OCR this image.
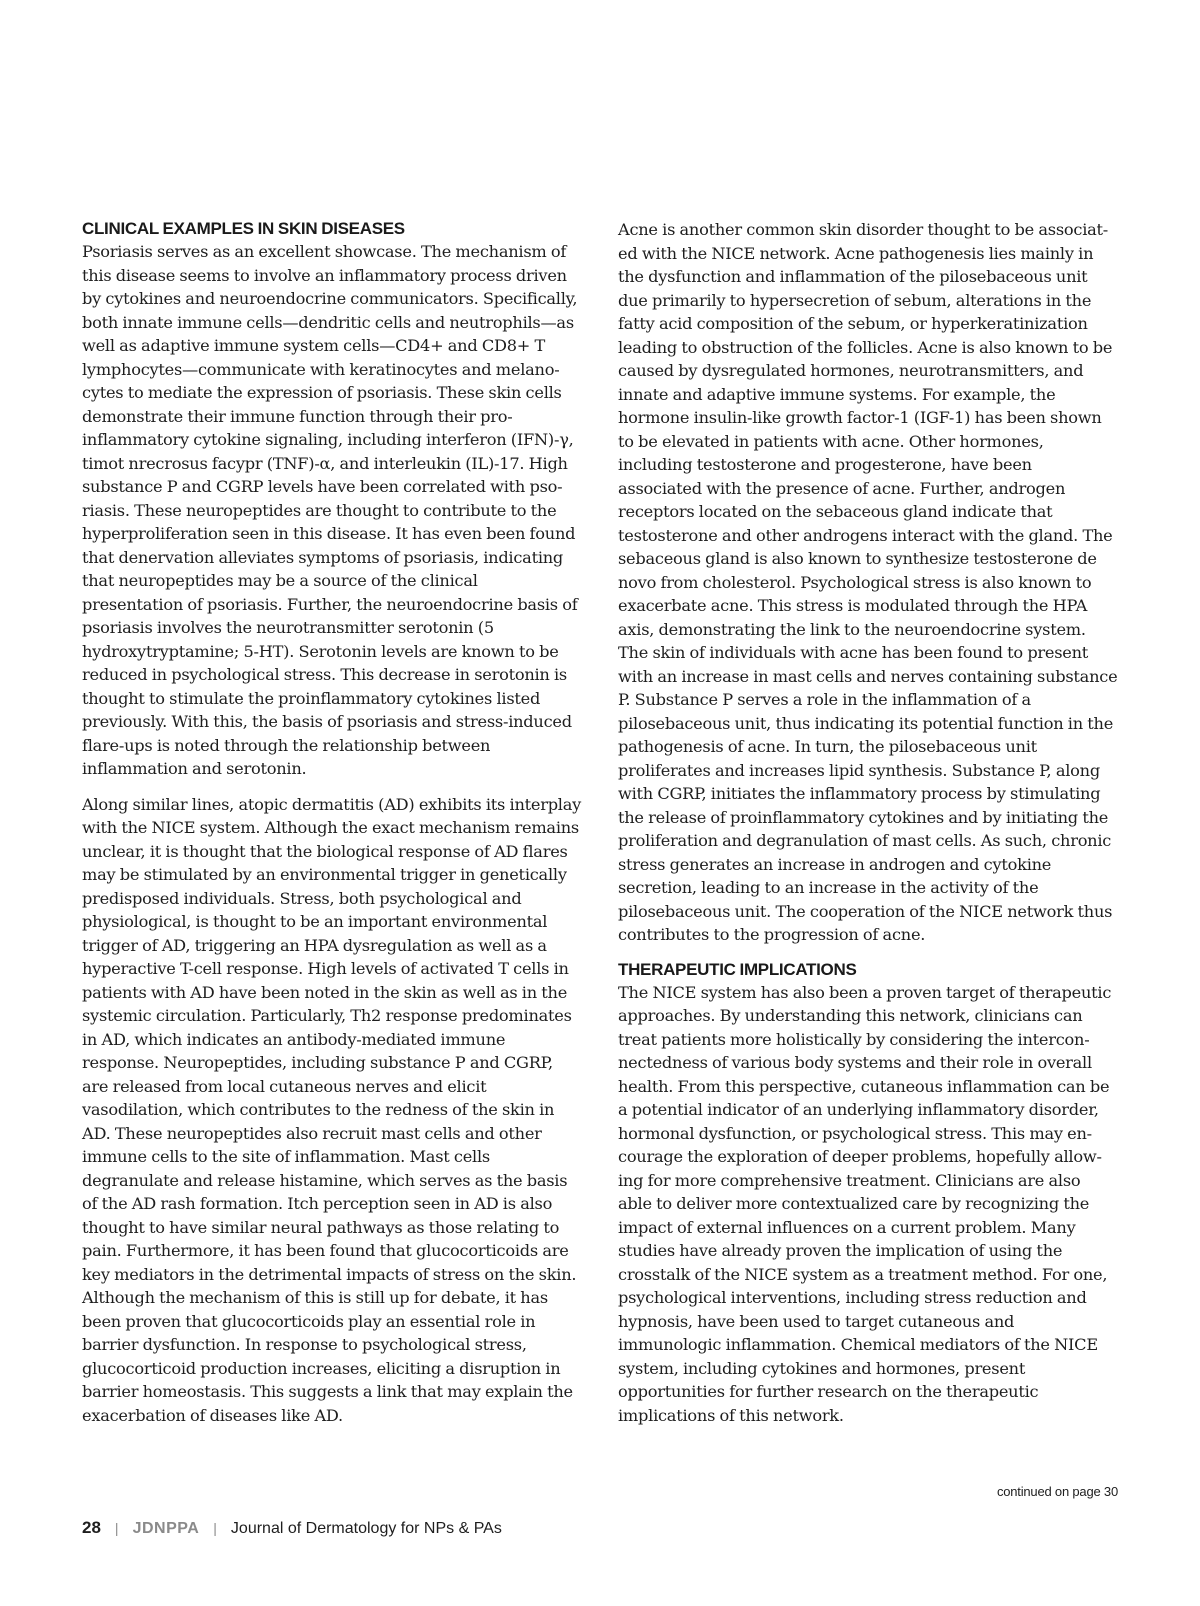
CLINICAL EXAMPLES IN SKIN DISEASES

Psoriasis serves as an excellent showcase. The mechanism of this disease seems to involve an inflammatory process driven by cytokines and neuroendocrine communicators. Specifically, both innate immune cells—dendritic cells and neutrophils—as well as adaptive immune system cells—CD4+ and CD8+ T lymphocytes—communicate with keratinocytes and melanocytes to mediate the expression of psoriasis. These skin cells demonstrate their immune function through their pro-inflammatory cytokine signaling, including interferon (IFN)-γ, timot nrecrosus facypr (TNF)-α, and interleukin (IL)-17. High substance P and CGRP levels have been correlated with psoriasis. These neuropeptides are thought to contribute to the hyperproliferation seen in this disease. It has even been found that denervation alleviates symptoms of psoriasis, indicating that neuropeptides may be a source of the clinical presentation of psoriasis. Further, the neuroendocrine basis of psoriasis involves the neurotransmitter serotonin (5 hydroxytryptamine; 5-HT). Serotonin levels are known to be reduced in psychological stress. This decrease in serotonin is thought to stimulate the proinflammatory cytokines listed previously. With this, the basis of psoriasis and stress-induced flare-ups is noted through the relationship between inflammation and serotonin.

Along similar lines, atopic dermatitis (AD) exhibits its interplay with the NICE system. Although the exact mechanism remains unclear, it is thought that the biological response of AD flares may be stimulated by an environmental trigger in genetically predisposed individuals. Stress, both psychological and physiological, is thought to be an important environmental trigger of AD, triggering an HPA dysregulation as well as a hyperactive T-cell response. High levels of activated T cells in patients with AD have been noted in the skin as well as in the systemic circulation. Particularly, Th2 response predominates in AD, which indicates an antibody-mediated immune response. Neuropeptides, including substance P and CGRP, are released from local cutaneous nerves and elicit vasodilation, which contributes to the redness of the skin in AD. These neuropeptides also recruit mast cells and other immune cells to the site of inflammation. Mast cells degranulate and release histamine, which serves as the basis of the AD rash formation. Itch perception seen in AD is also thought to have similar neural pathways as those relating to pain. Furthermore, it has been found that glucocorticoids are key mediators in the detrimental impacts of stress on the skin. Although the mechanism of this is still up for debate, it has been proven that glucocorticoids play an essential role in barrier dysfunction. In response to psychological stress, glucocorticoid production increases, eliciting a disruption in barrier homeostasis. This suggests a link that may explain the exacerbation of diseases like AD.

Acne is another common skin disorder thought to be associated with the NICE network. Acne pathogenesis lies mainly in the dysfunction and inflammation of the pilosebaceous unit due primarily to hypersecretion of sebum, alterations in the fatty acid composition of the sebum, or hyperkeratinization leading to obstruction of the follicles. Acne is also known to be caused by dysregulated hormones, neurotransmitters, and innate and adaptive immune systems. For example, the hormone insulin-like growth factor-1 (IGF-1) has been shown to be elevated in patients with acne. Other hormones, including testosterone and progesterone, have been associated with the presence of acne. Further, androgen receptors located on the sebaceous gland indicate that testosterone and other androgens interact with the gland. The sebaceous gland is also known to synthesize testosterone de novo from cholesterol. Psychological stress is also known to exacerbate acne. This stress is modulated through the HPA axis, demonstrating the link to the neuroendocrine system. The skin of individuals with acne has been found to present with an increase in mast cells and nerves containing substance P. Substance P serves a role in the inflammation of a pilosebaceous unit, thus indicating its potential function in the pathogenesis of acne. In turn, the pilosebaceous unit proliferates and increases lipid synthesis. Substance P, along with CGRP, initiates the inflammatory process by stimulating the release of proinflammatory cytokines and by initiating the proliferation and degranulation of mast cells. As such, chronic stress generates an increase in androgen and cytokine secretion, leading to an increase in the activity of the pilosebaceous unit. The cooperation of the NICE network thus contributes to the progression of acne.

THERAPEUTIC IMPLICATIONS

The NICE system has also been a proven target of therapeutic approaches. By understanding this network, clinicians can treat patients more holistically by considering the interconnectedness of various body systems and their role in overall health. From this perspective, cutaneous inflammation can be a potential indicator of an underlying inflammatory disorder, hormonal dysfunction, or psychological stress. This may encourage the exploration of deeper problems, hopefully allowing for more comprehensive treatment. Clinicians are also able to deliver more contextualized care by recognizing the impact of external influences on a current problem. Many studies have already proven the implication of using the crosstalk of the NICE system as a treatment method. For one, psychological interventions, including stress reduction and hypnosis, have been used to target cutaneous and immunologic inflammation. Chemical mediators of the NICE system, including cytokines and hormones, present opportunities for further research on the therapeutic implications of this network.

continued on page 30
28 | JDNPPA | Journal of Dermatology for NPs & PAs
